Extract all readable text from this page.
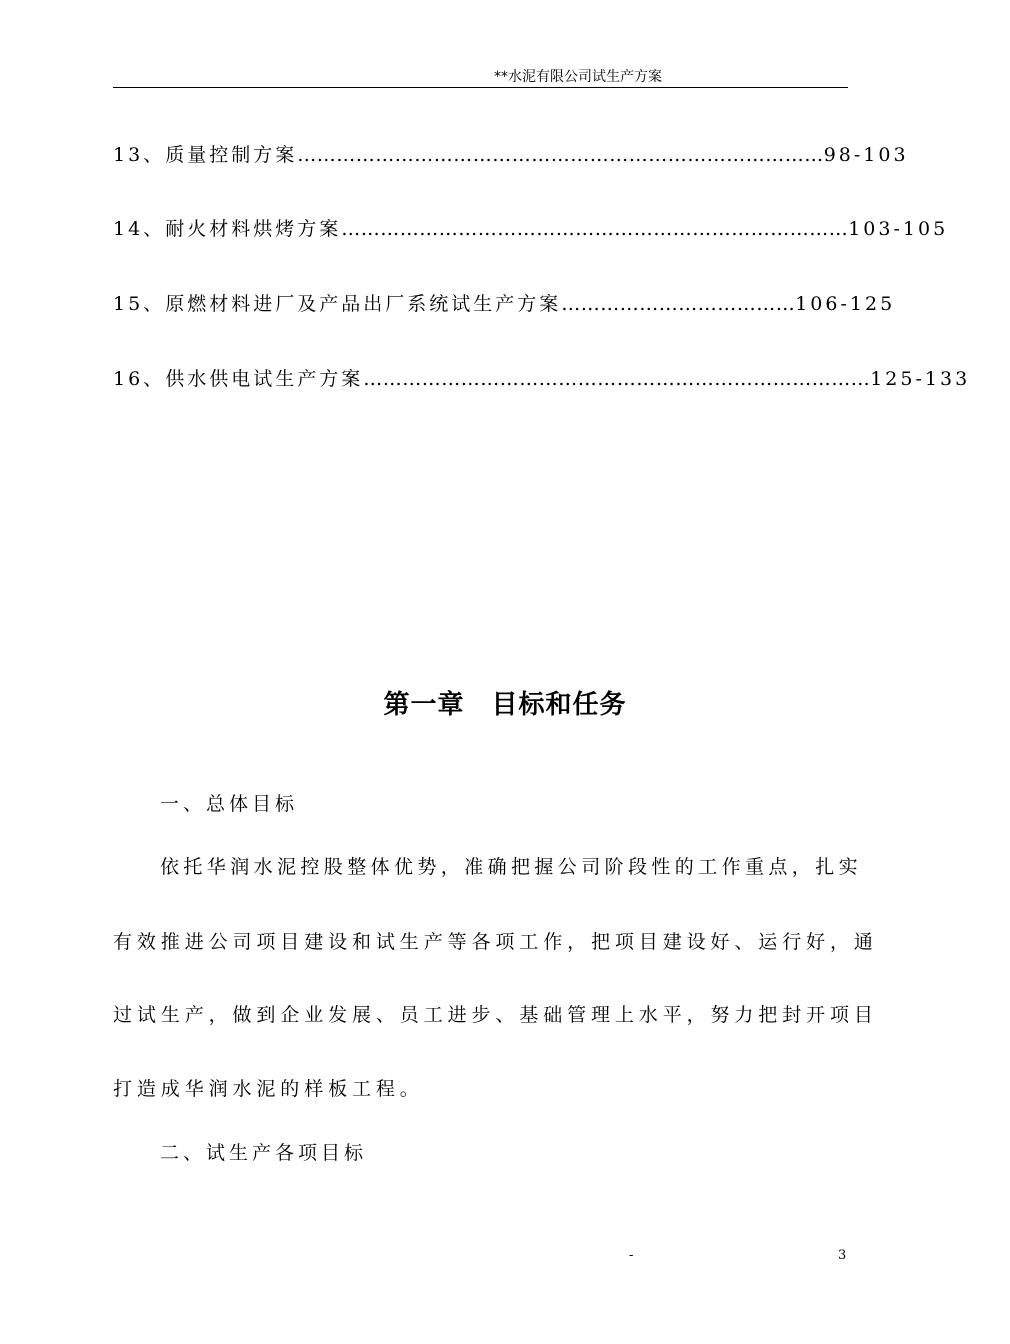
**水泥有限公司试生产方案
13、质量控制方案………………………………………………………………………98-103
14、耐火材料烘烤方案……………………………………………………………………103-105
15、原燃材料进厂及产品出厂系统试生产方案………………………………106-125
16、供水供电试生产方案……………………………………………………………………125-133
第一章　目标和任务
一、总体目标
依托华润水泥控股整体优势，准确把握公司阶段性的工作重点，扎实
有效推进公司项目建设和试生产等各项工作，把项目建设好、运行好，通
过试生产，做到企业发展、员工进步、基础管理上水平，努力把封开项目
打造成华润水泥的样板工程。
二、试生产各项目标
-	3
